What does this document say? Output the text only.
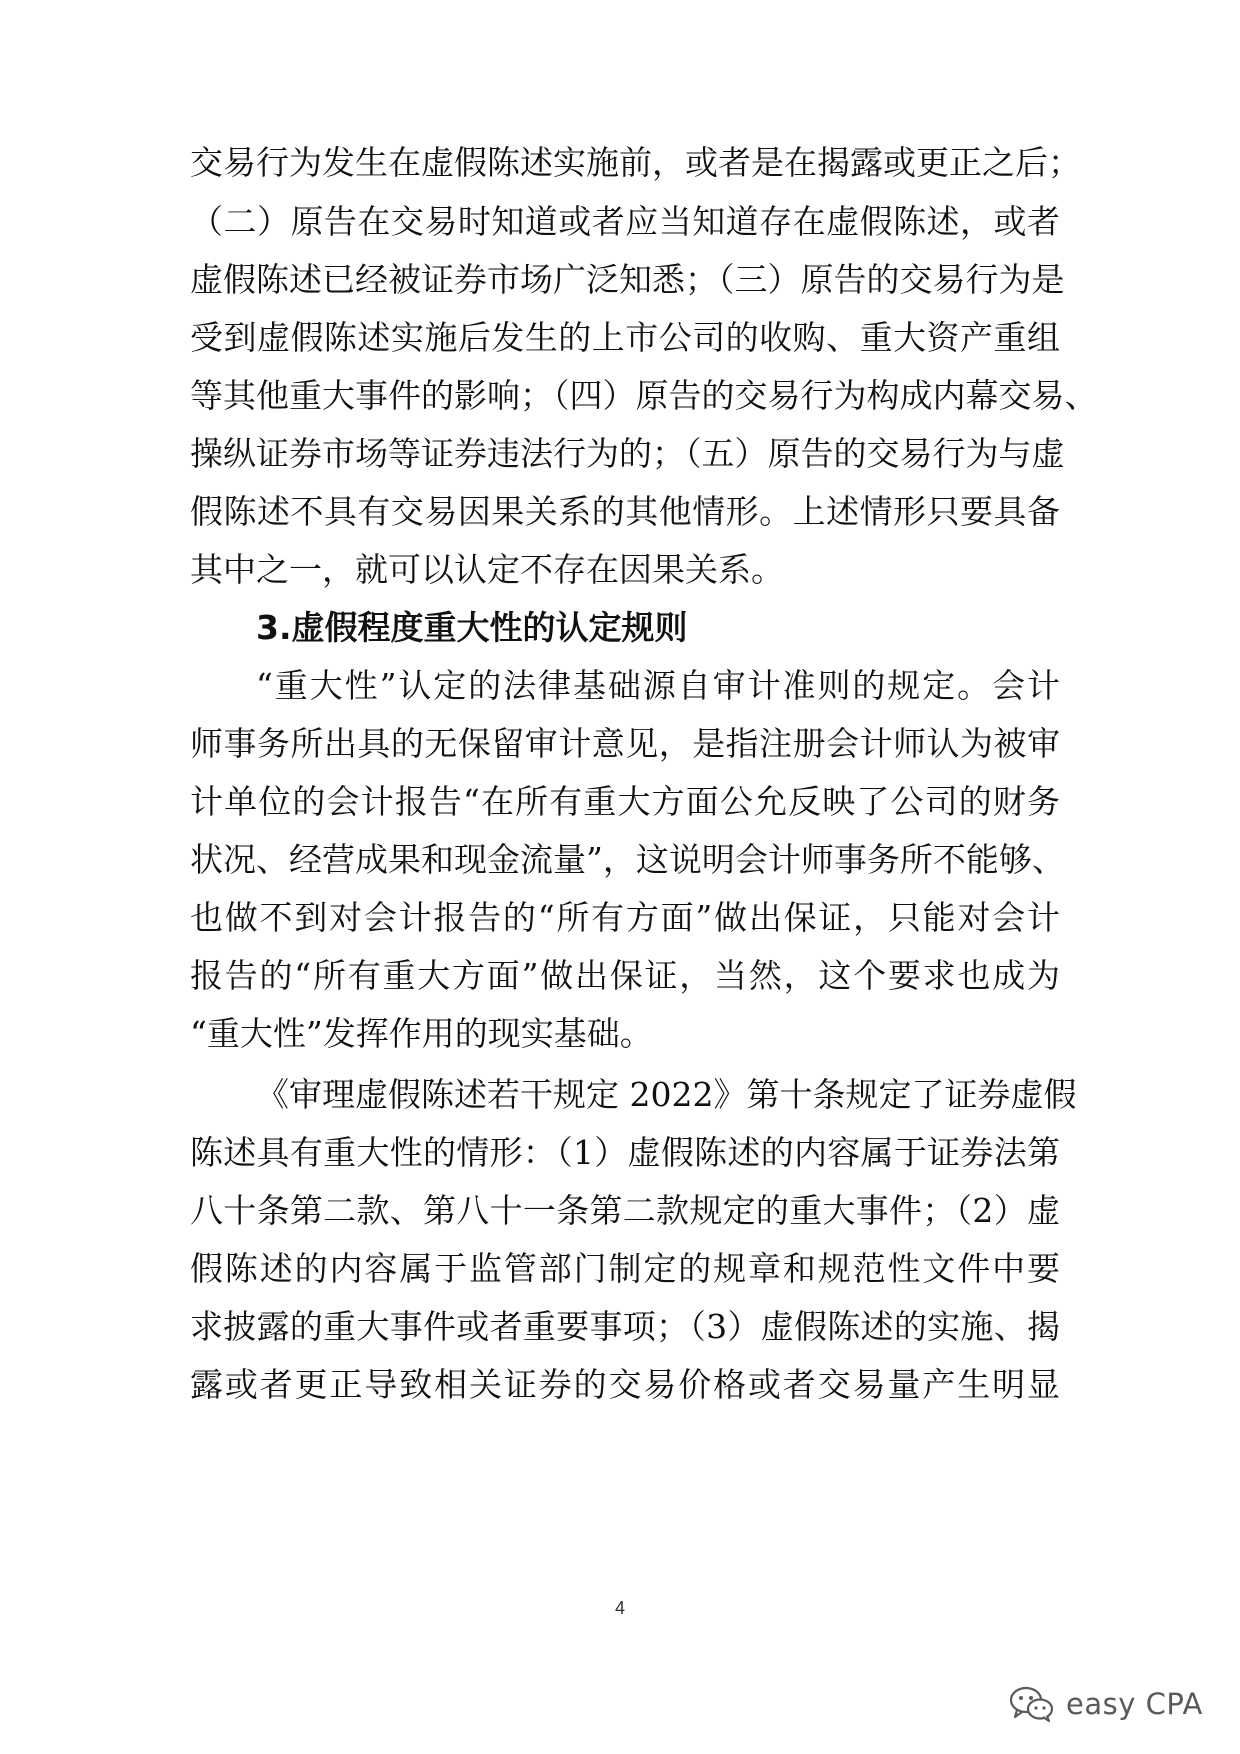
交易行为发生在虚假陈述实施前，或者是在揭露或更正之后；
（二）原告在交易时知道或者应当知道存在虚假陈述，或者
虚假陈述已经被证券市场广泛知悉；（三）原告的交易行为是
受到虚假陈述实施后发生的上市公司的收购、重大资产重组
等其他重大事件的影响；（四）原告的交易行为构成内幕交易、
操纵证券市场等证券违法行为的；（五）原告的交易行为与虚
假陈述不具有交易因果关系的其他情形。上述情形只要具备
其中之一，就可以认定不存在因果关系。
3.虚假程度重大性的认定规则
“重大性”认定的法律基础源自审计准则的规定。会计
师事务所出具的无保留审计意见，是指注册会计师认为被审
计单位的会计报告“在所有重大方面公允反映了公司的财务
状况、经营成果和现金流量”，这说明会计师事务所不能够、
也做不到对会计报告的“所有方面”做出保证，只能对会计
报告的“所有重大方面”做出保证，当然，这个要求也成为
“重大性”发挥作用的现实基础。
《审理虚假陈述若干规定 2022》第十条规定了证券虚假
陈述具有重大性的情形：（1）虚假陈述的内容属于证券法第
八十条第二款、第八十一条第二款规定的重大事件；（2）虚
假陈述的内容属于监管部门制定的规章和规范性文件中要
求披露的重大事件或者重要事项；（3）虚假陈述的实施、揭
露或者更正导致相关证券的交易价格或者交易量产生明显
4
easy CPA
